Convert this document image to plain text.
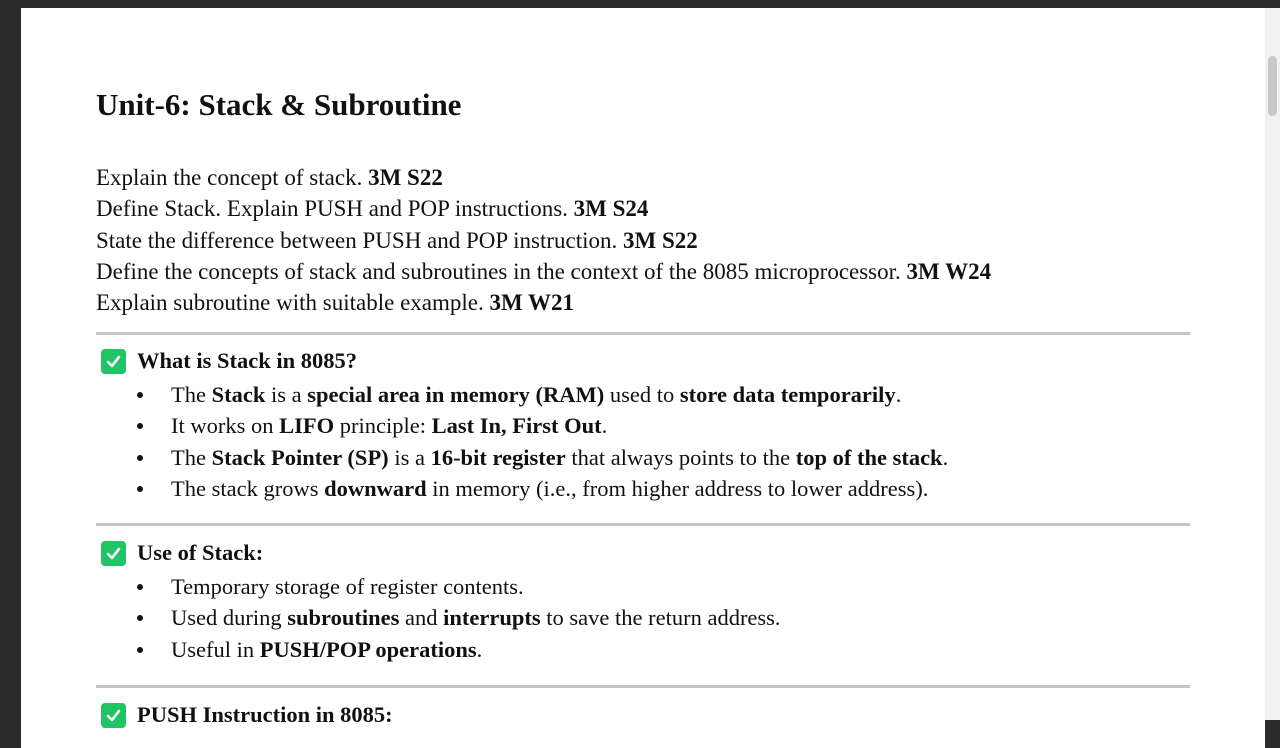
Unit-6: Stack & Subroutine
Explain the concept of stack. 3M S22
Define Stack. Explain PUSH and POP instructions. 3M S24
State the difference between PUSH and POP instruction. 3M S22
Define the concepts of stack and subroutines in the context of the 8085 microprocessor. 3M W24
Explain subroutine with suitable example. 3M W21
What is Stack in 8085?
The Stack is a special area in memory (RAM) used to store data temporarily.
It works on LIFO principle: Last In, First Out.
The Stack Pointer (SP) is a 16-bit register that always points to the top of the stack.
The stack grows downward in memory (i.e., from higher address to lower address).
Use of Stack:
Temporary storage of register contents.
Used during subroutines and interrupts to save the return address.
Useful in PUSH/POP operations.
PUSH Instruction in 8085:
